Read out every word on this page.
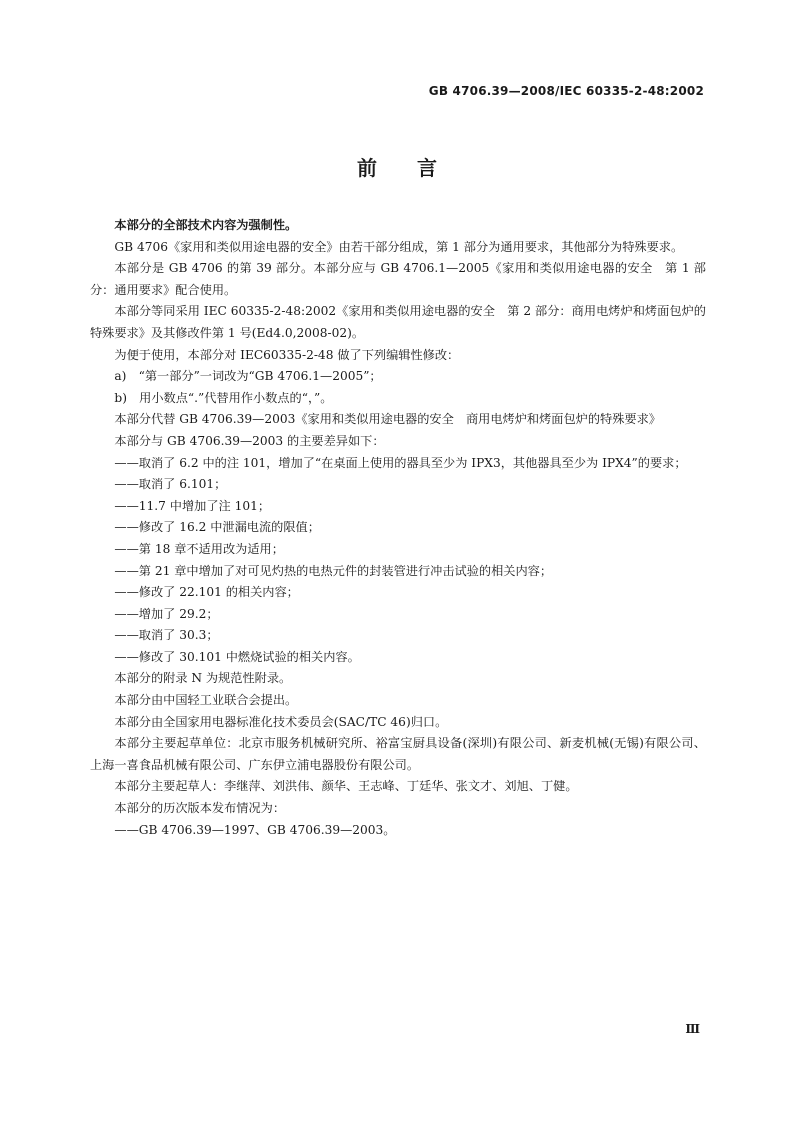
GB 4706.39—2008/IEC 60335-2-48:2002
前言

本部分的全部技术内容为强制性。

GB 4706《家用和类似用途电器的安全》由若干部分组成，第 1 部分为通用要求，其他部分为特殊要求。

本部分是 GB 4706 的第 39 部分。本部分应与 GB 4706.1—2005《家用和类似用途电器的安全　第 1 部分：通用要求》配合使用。

本部分等同采用 IEC 60335-2-48:2002《家用和类似用途电器的安全　第 2 部分：商用电烤炉和烤面包炉的特殊要求》及其修改件第 1 号(Ed4.0,2008-02)。

为便于使用，本部分对 IEC60335-2-48 做了下列编辑性修改：

a)　“第一部分”一词改为“GB 4706.1—2005”；

b)　用小数点“.”代替用作小数点的“，”。

本部分代替 GB 4706.39—2003《家用和类似用途电器的安全　商用电烤炉和烤面包炉的特殊要求》

本部分与 GB 4706.39—2003 的主要差异如下：

——取消了 6.2 中的注 101，增加了“在桌面上使用的器具至少为 IPX3，其他器具至少为 IPX4”的要求；

——取消了 6.101；

——11.7 中增加了注 101；

——修改了 16.2 中泄漏电流的限值；

——第 18 章不适用改为适用；

——第 21 章中增加了对可见灼热的电热元件的封装管进行冲击试验的相关内容；

——修改了 22.101 的相关内容；

——增加了 29.2；

——取消了 30.3；

——修改了 30.101 中燃烧试验的相关内容。

本部分的附录 N 为规范性附录。

本部分由中国轻工业联合会提出。

本部分由全国家用电器标准化技术委员会(SAC/TC 46)归口。

本部分主要起草单位：北京市服务机械研究所、裕富宝厨具设备(深圳)有限公司、新麦机械(无锡)有限公司、上海一喜食品机械有限公司、广东伊立浦电器股份有限公司。

本部分主要起草人：李继萍、刘洪伟、颜华、王志峰、丁廷华、张文才、刘旭、丁健。

本部分的历次版本发布情况为：

——GB 4706.39—1997、GB 4706.39—2003。

Ⅲ
